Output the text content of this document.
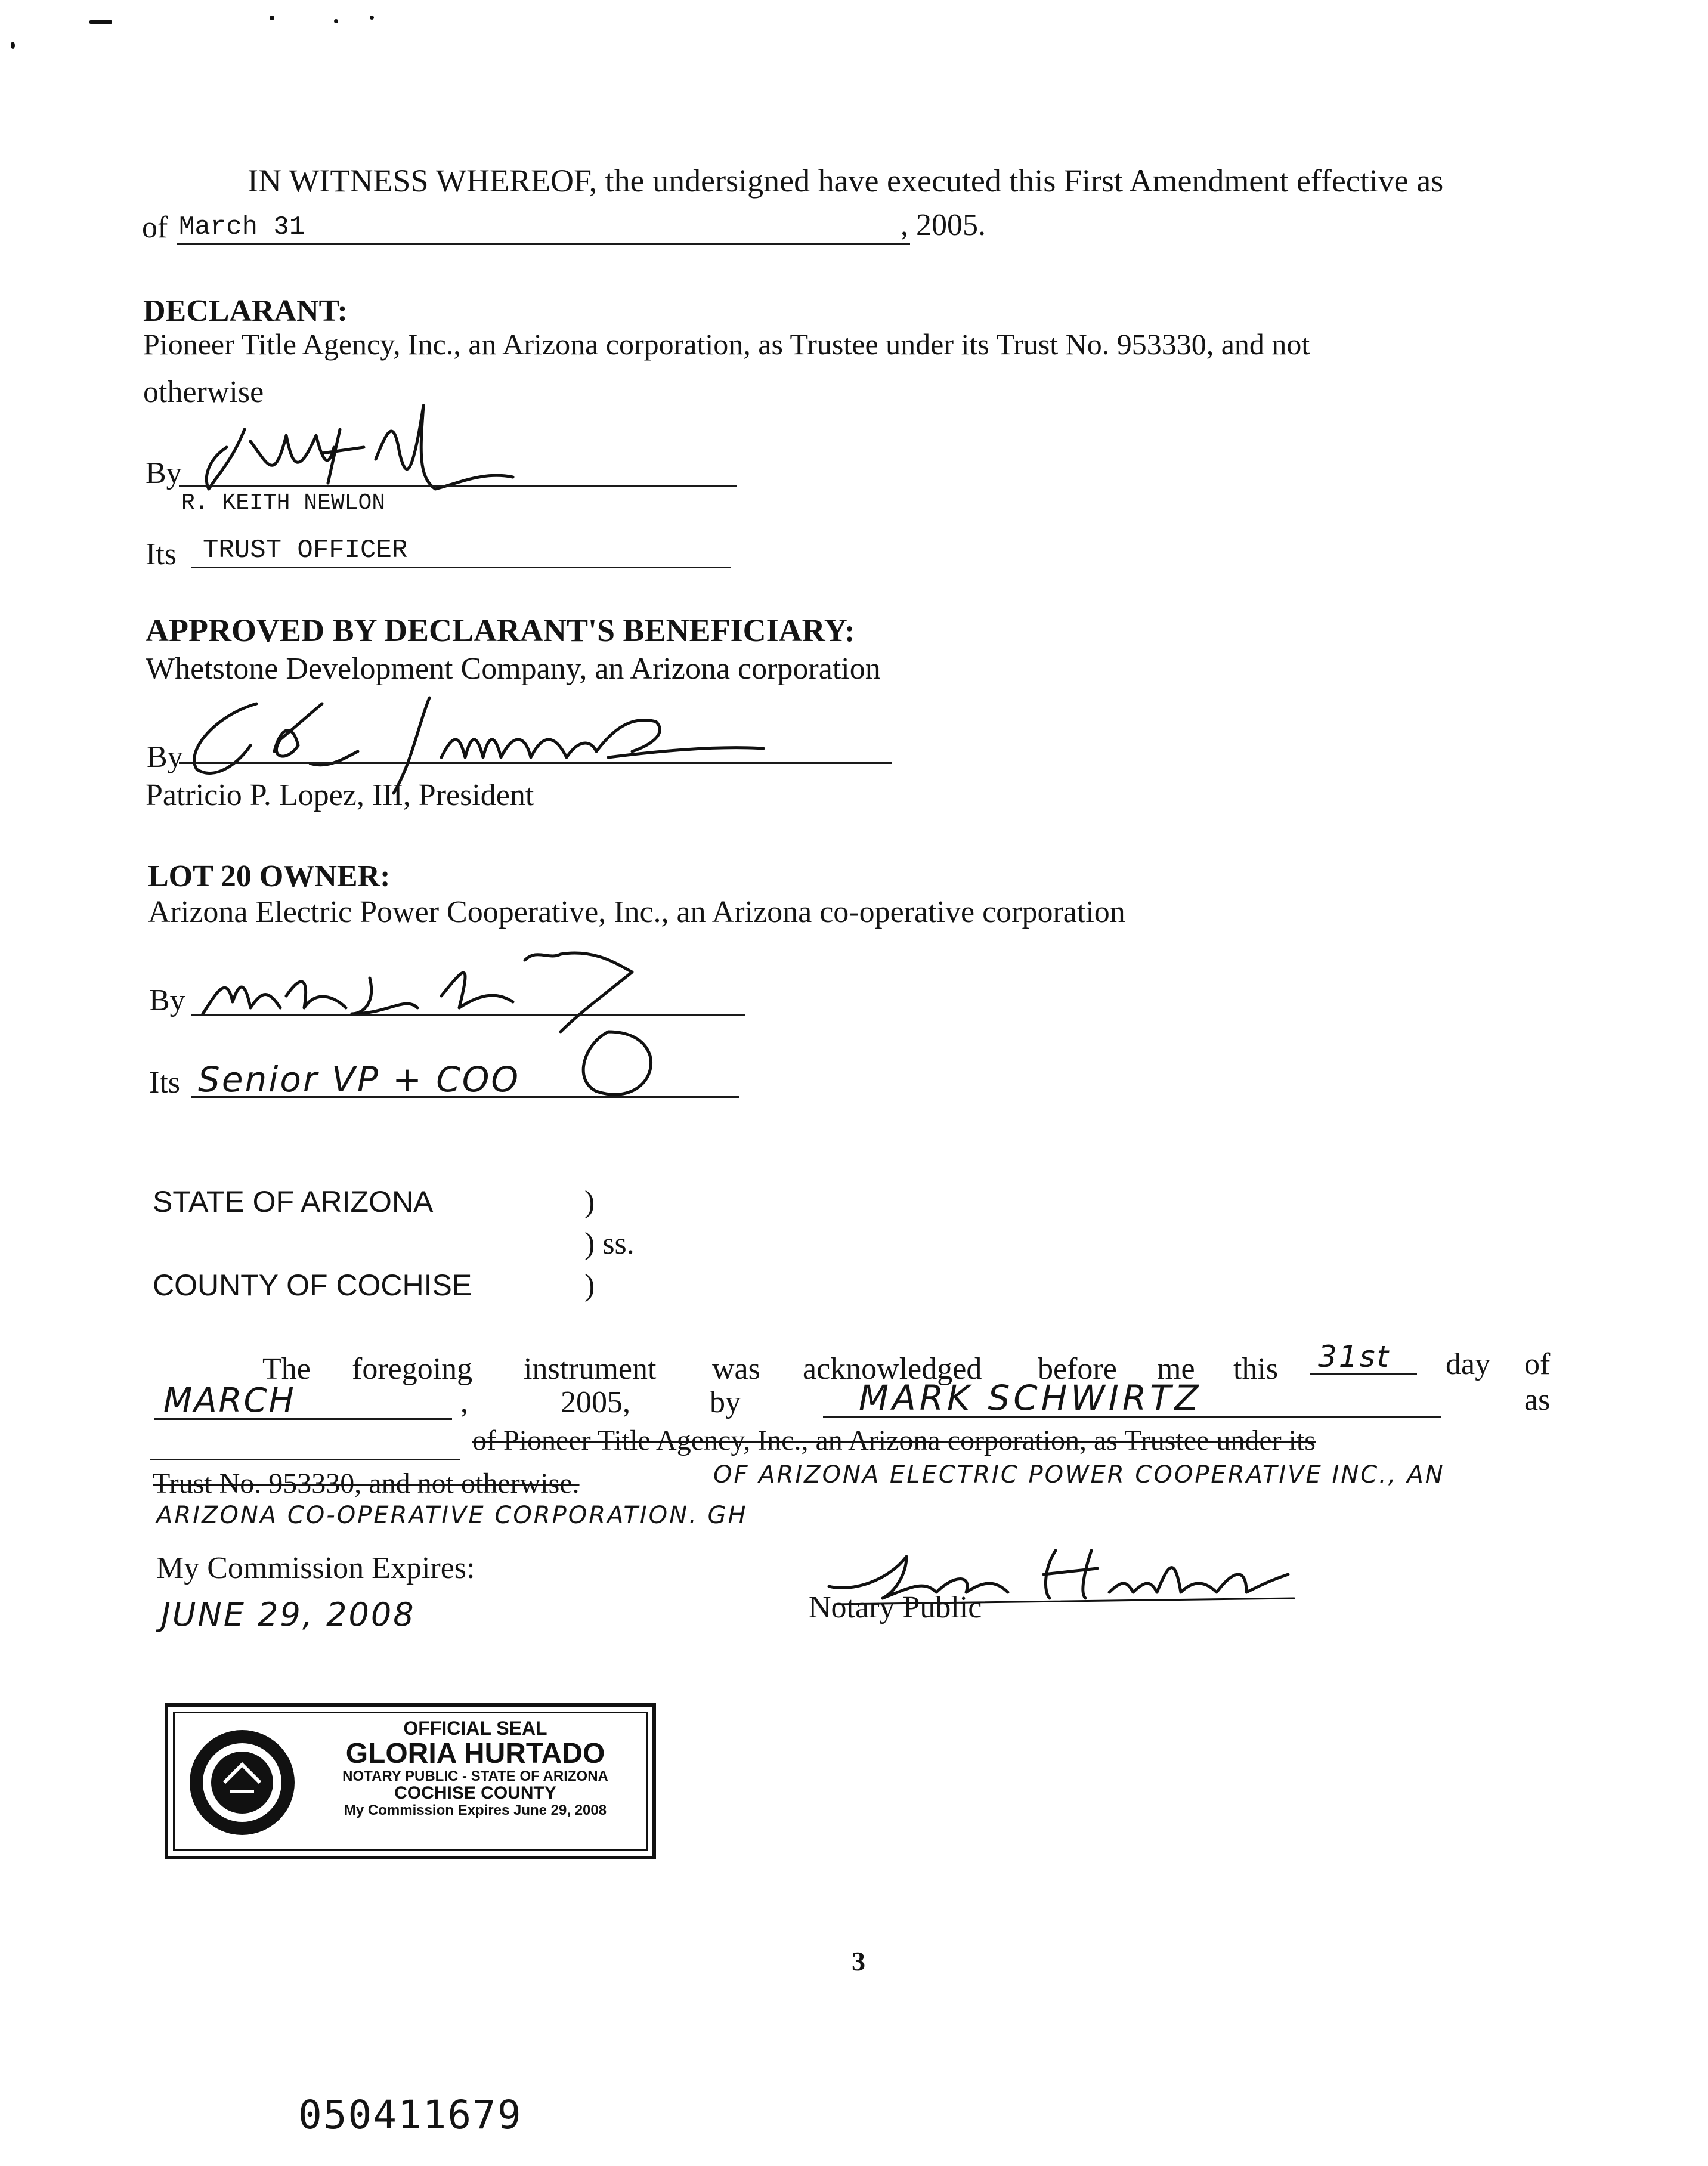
IN WITNESS WHEREOF, the undersigned have executed this First Amendment effective as
of March 31	, 2005.
DECLARANT:
Pioneer Title Agency, Inc., an Arizona corporation, as Trustee under its Trust No. 953330, and not
otherwise
By
R. KEITH NEWLON
Its TRUST OFFICER
APPROVED BY DECLARANT'S BENEFICIARY:
Whetstone Development Company, an Arizona corporation
By
Patricio P. Lopez, III, President
LOT 20 OWNER:
Arizona Electric Power Cooperative, Inc., an Arizona co-operative corporation
By
Its Senior VP + COO
STATE OF ARIZONA	)
) ss.
COUNTY OF COCHISE	)
The foregoing instrument was acknowledged before me this 31st day of
MARCH	,	2005,	by	MARK SCHWIRTZ	as
of Pioneer Title Agency, Inc., an Arizona corporation, as Trustee under its
Trust No. 953330, and not otherwise.	OF ARIZONA ELECTRIC POWER COOPERATIVE INC., AN
ARIZONA CO-OPERATIVE CORPORATION. GH
My Commission Expires:
JUNE 29, 2008	Notary Public
OFFICIAL SEAL
GLORIA HURTADO
NOTARY PUBLIC - STATE OF ARIZONA
COCHISE COUNTY
My Commission Expires June 29, 2008
3
050411679
